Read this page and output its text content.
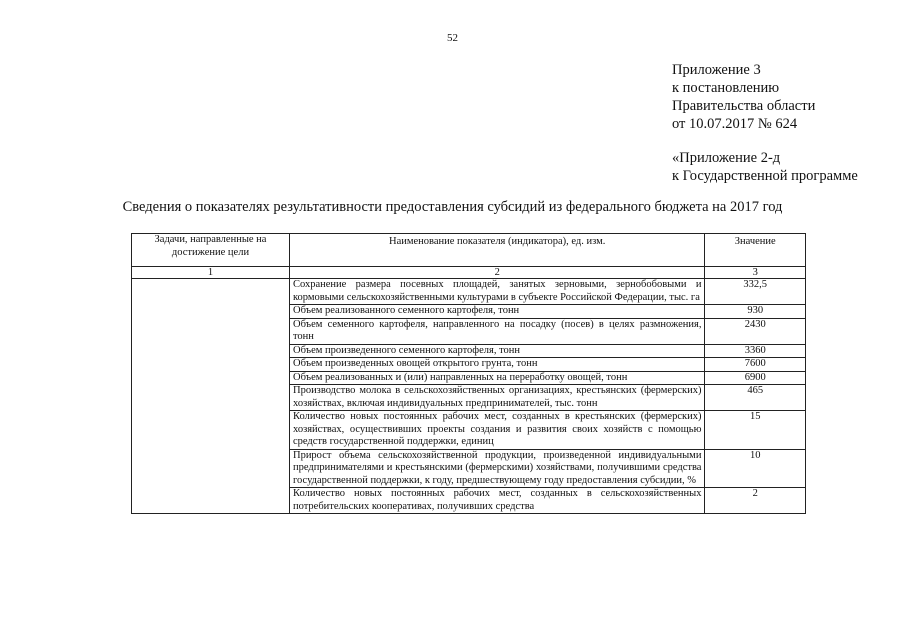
52
Приложение 3
к постановлению
Правительства области
от 10.07.2017 № 624
«Приложение 2-д
к Государственной программе
Сведения о показателях результативности предоставления субсидий из федерального бюджета на 2017 год
Задачи, направленные на достижение цели	Наименование показателя (индикатора), ед. изм.	Значение
1	2	3
	Сохранение размера посевных площадей, занятых зерновыми, зернобобовыми и кормовыми сельскохозяйственными культурами в субъекте Российской Федерации, тыс. га	332,5
	Объем реализованного семенного картофеля, тонн	930
	Объем семенного картофеля, направленного на посадку (посев) в целях размножения, тонн	2430
	Объем произведенного семенного картофеля, тонн	3360
	Объем произведенных овощей открытого грунта, тонн	7600
	Объем реализованных и (или) направленных на переработку овощей, тонн	6900
	Производство молока в сельскохозяйственных организациях, крестьянских (фермерских) хозяйствах, включая индивидуальных предпринимателей, тыс. тонн	465
	Количество новых постоянных рабочих мест, созданных в крестьянских (фермерских) хозяйствах, осуществивших проекты создания и развития своих хозяйств с помощью средств государственной поддержки, единиц	15
	Прирост объема сельскохозяйственной продукции, произведенной индивидуальными предпринимателями и крестьянскими (фермерскими) хозяйствами, получившими средства государственной поддержки, к году, предшествующему году предоставления субсидии, %	10
	Количество новых постоянных рабочих мест, созданных в сельскохозяйственных потребительских кооперативах, получивших средства	2
